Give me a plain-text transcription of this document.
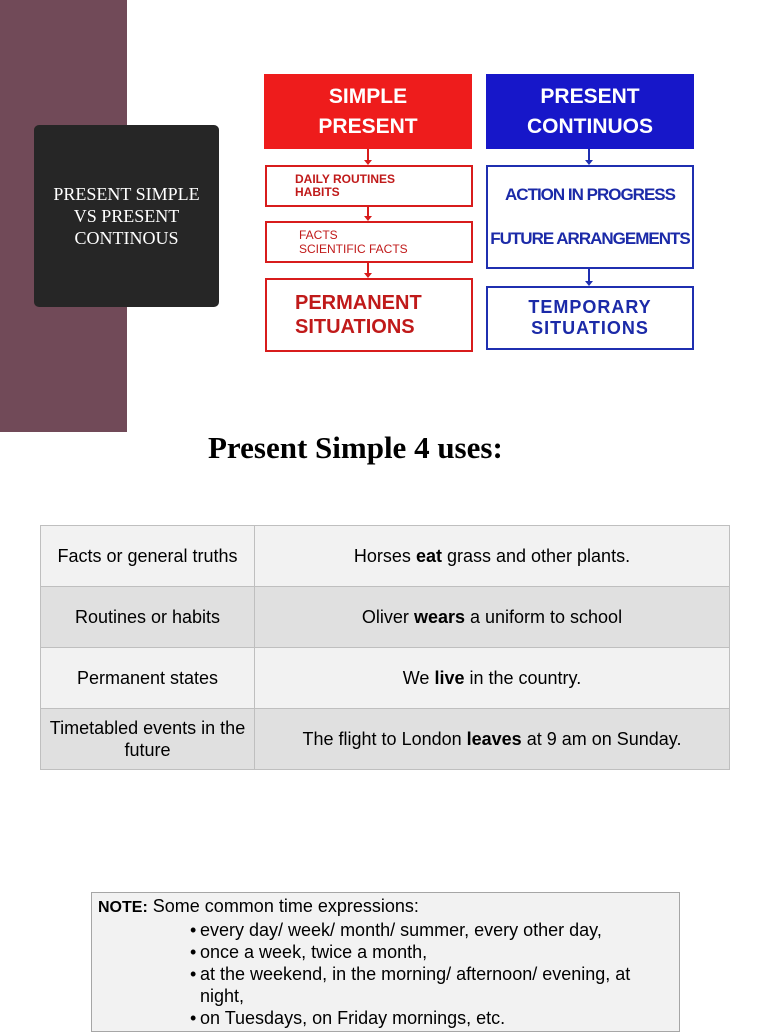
PRESENT SIMPLE VS PRESENT CONTINOUS
SIMPLE
PRESENT
PRESENT
CONTINUOS
DAILY ROUTINES
HABITS
FACTS
SCIENTIFIC FACTS
PERMANENT
SITUATIONS
ACTION IN PROGRESS
FUTURE ARRANGEMENTS
TEMPORARY
SITUATIONS
Present Simple 4 uses:
Facts or general truths	Horses eat grass and other plants.
Routines or habits	Oliver wears a uniform to school
Permanent states	We live in the country.
Timetabled events in the future	The flight to London leaves at 9 am on Sunday.
NOTE: Some common time expressions:
• every day/ week/ month/ summer, every other day,
• once a week, twice a month,
• at the weekend, in the morning/ afternoon/ evening, at night,
• on Tuesdays, on Friday mornings, etc.
